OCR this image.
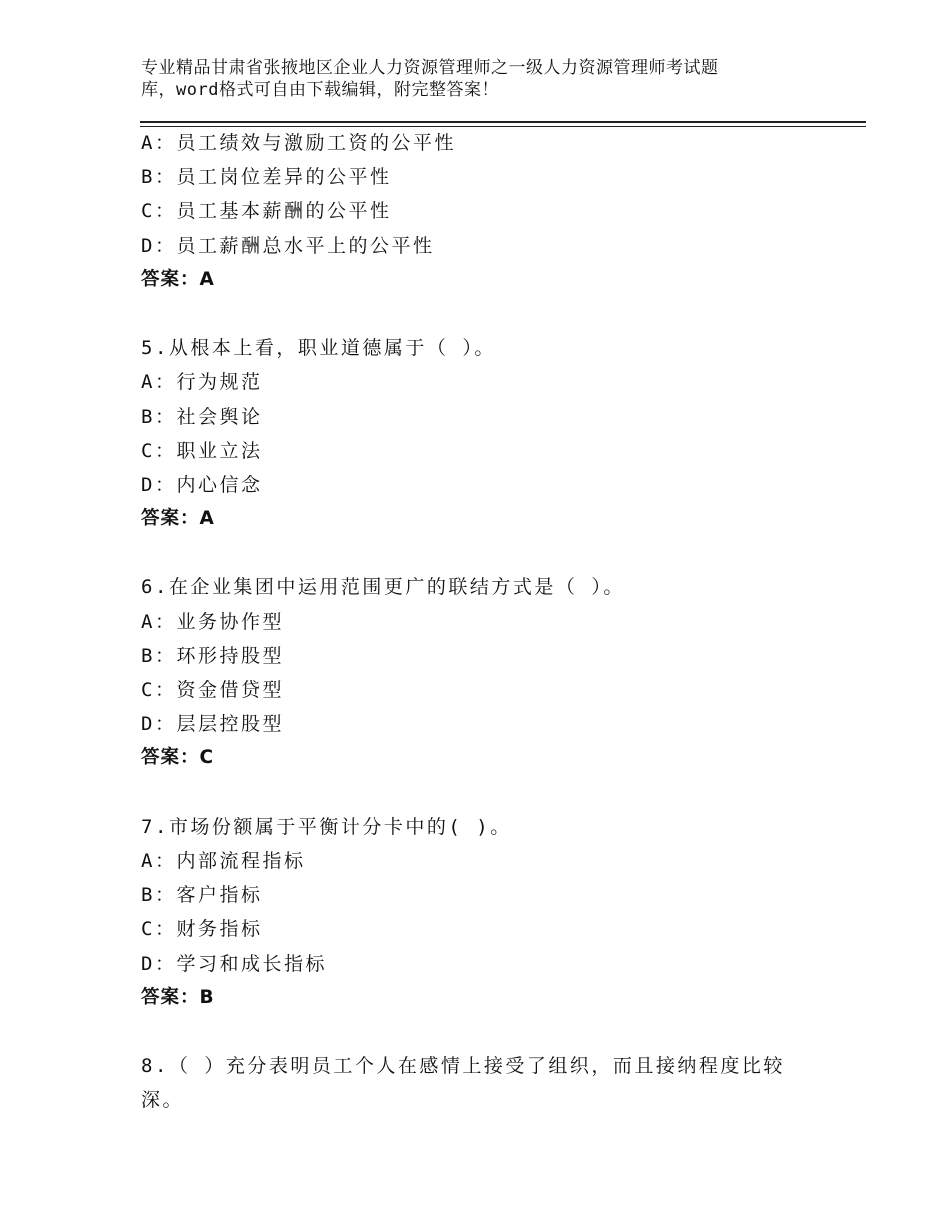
专业精品甘肃省张掖地区企业人力资源管理师之一级人力资源管理师考试题
库，word格式可自由下载编辑，附完整答案！
A：员工绩效与激励工资的公平性
B：员工岗位差异的公平性
C：员工基本薪酬的公平性
D：员工薪酬总水平上的公平性
答案：A
5.从根本上看，职业道德属于（ ）。
A：行为规范
B：社会舆论
C：职业立法
D：内心信念
答案：A
6.在企业集团中运用范围更广的联结方式是（ ）。
A：业务协作型
B：环形持股型
C：资金借贷型
D：层层控股型
答案：C
7.市场份额属于平衡计分卡中的( )。
A：内部流程指标
B：客户指标
C：财务指标
D：学习和成长指标
答案：B
8.（ ）充分表明员工个人在感情上接受了组织，而且接纳程度比较
深。
